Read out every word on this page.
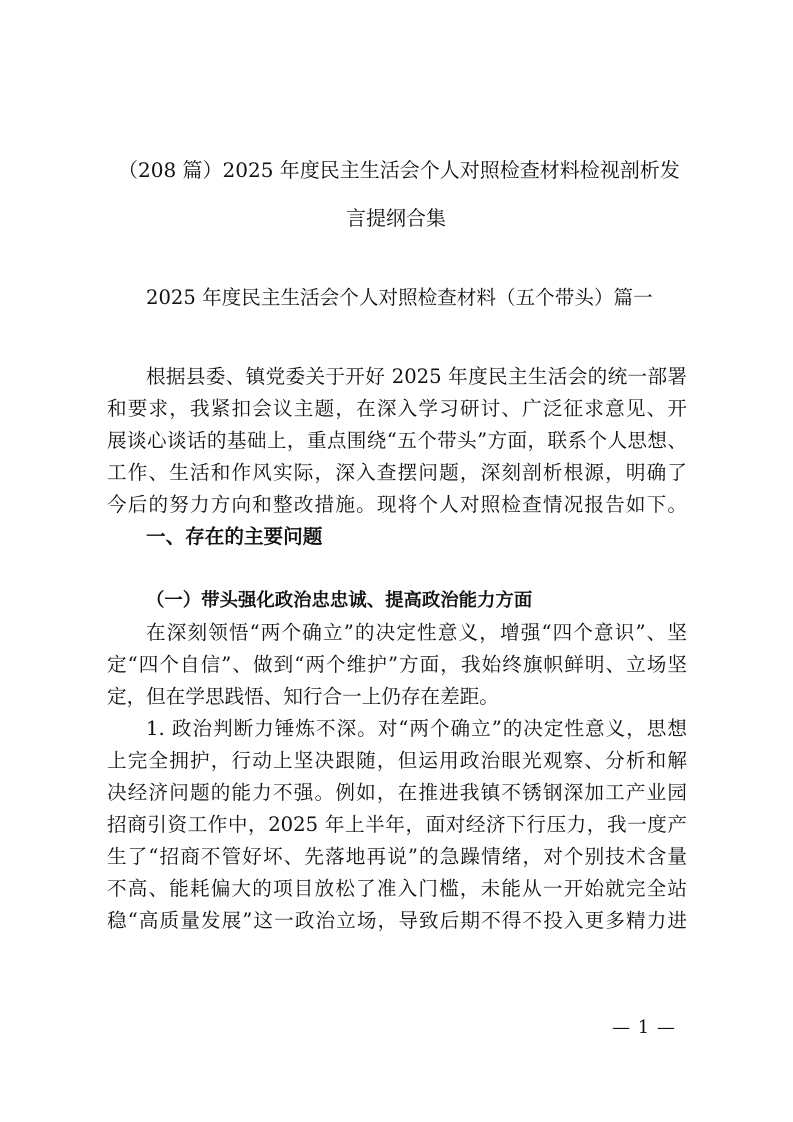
（208 篇）2025 年度民主生活会个人对照检查材料检视剖析发
言提纲合集
2025 年度民主生活会个人对照检查材料（五个带头）篇一
根据县委、镇党委关于开好 2025 年度民主生活会的统一部署
和要求，我紧扣会议主题，在深入学习研讨、广泛征求意见、开
展谈心谈话的基础上，重点围绕“五个带头”方面，联系个人思想、
工作、生活和作风实际，深入查摆问题，深刻剖析根源，明确了
今后的努力方向和整改措施。现将个人对照检查情况报告如下。
一、存在的主要问题
（一）带头强化政治忠忠诚、提高政治能力方面
在深刻领悟“两个确立”的决定性意义，增强“四个意识”、坚
定“四个自信”、做到“两个维护”方面，我始终旗帜鲜明、立场坚
定，但在学思践悟、知行合一上仍存在差距。
1. 政治判断力锤炼不深。对“两个确立”的决定性意义，思想
上完全拥护，行动上坚决跟随，但运用政治眼光观察、分析和解
决经济问题的能力不强。例如，在推进我镇不锈钢深加工产业园
招商引资工作中，2025 年上半年，面对经济下行压力，我一度产
生了“招商不管好坏、先落地再说”的急躁情绪，对个别技术含量
不高、能耗偏大的项目放松了准入门槛，未能从一开始就完全站
稳“高质量发展”这一政治立场，导致后期不得不投入更多精力进
— 1 —
